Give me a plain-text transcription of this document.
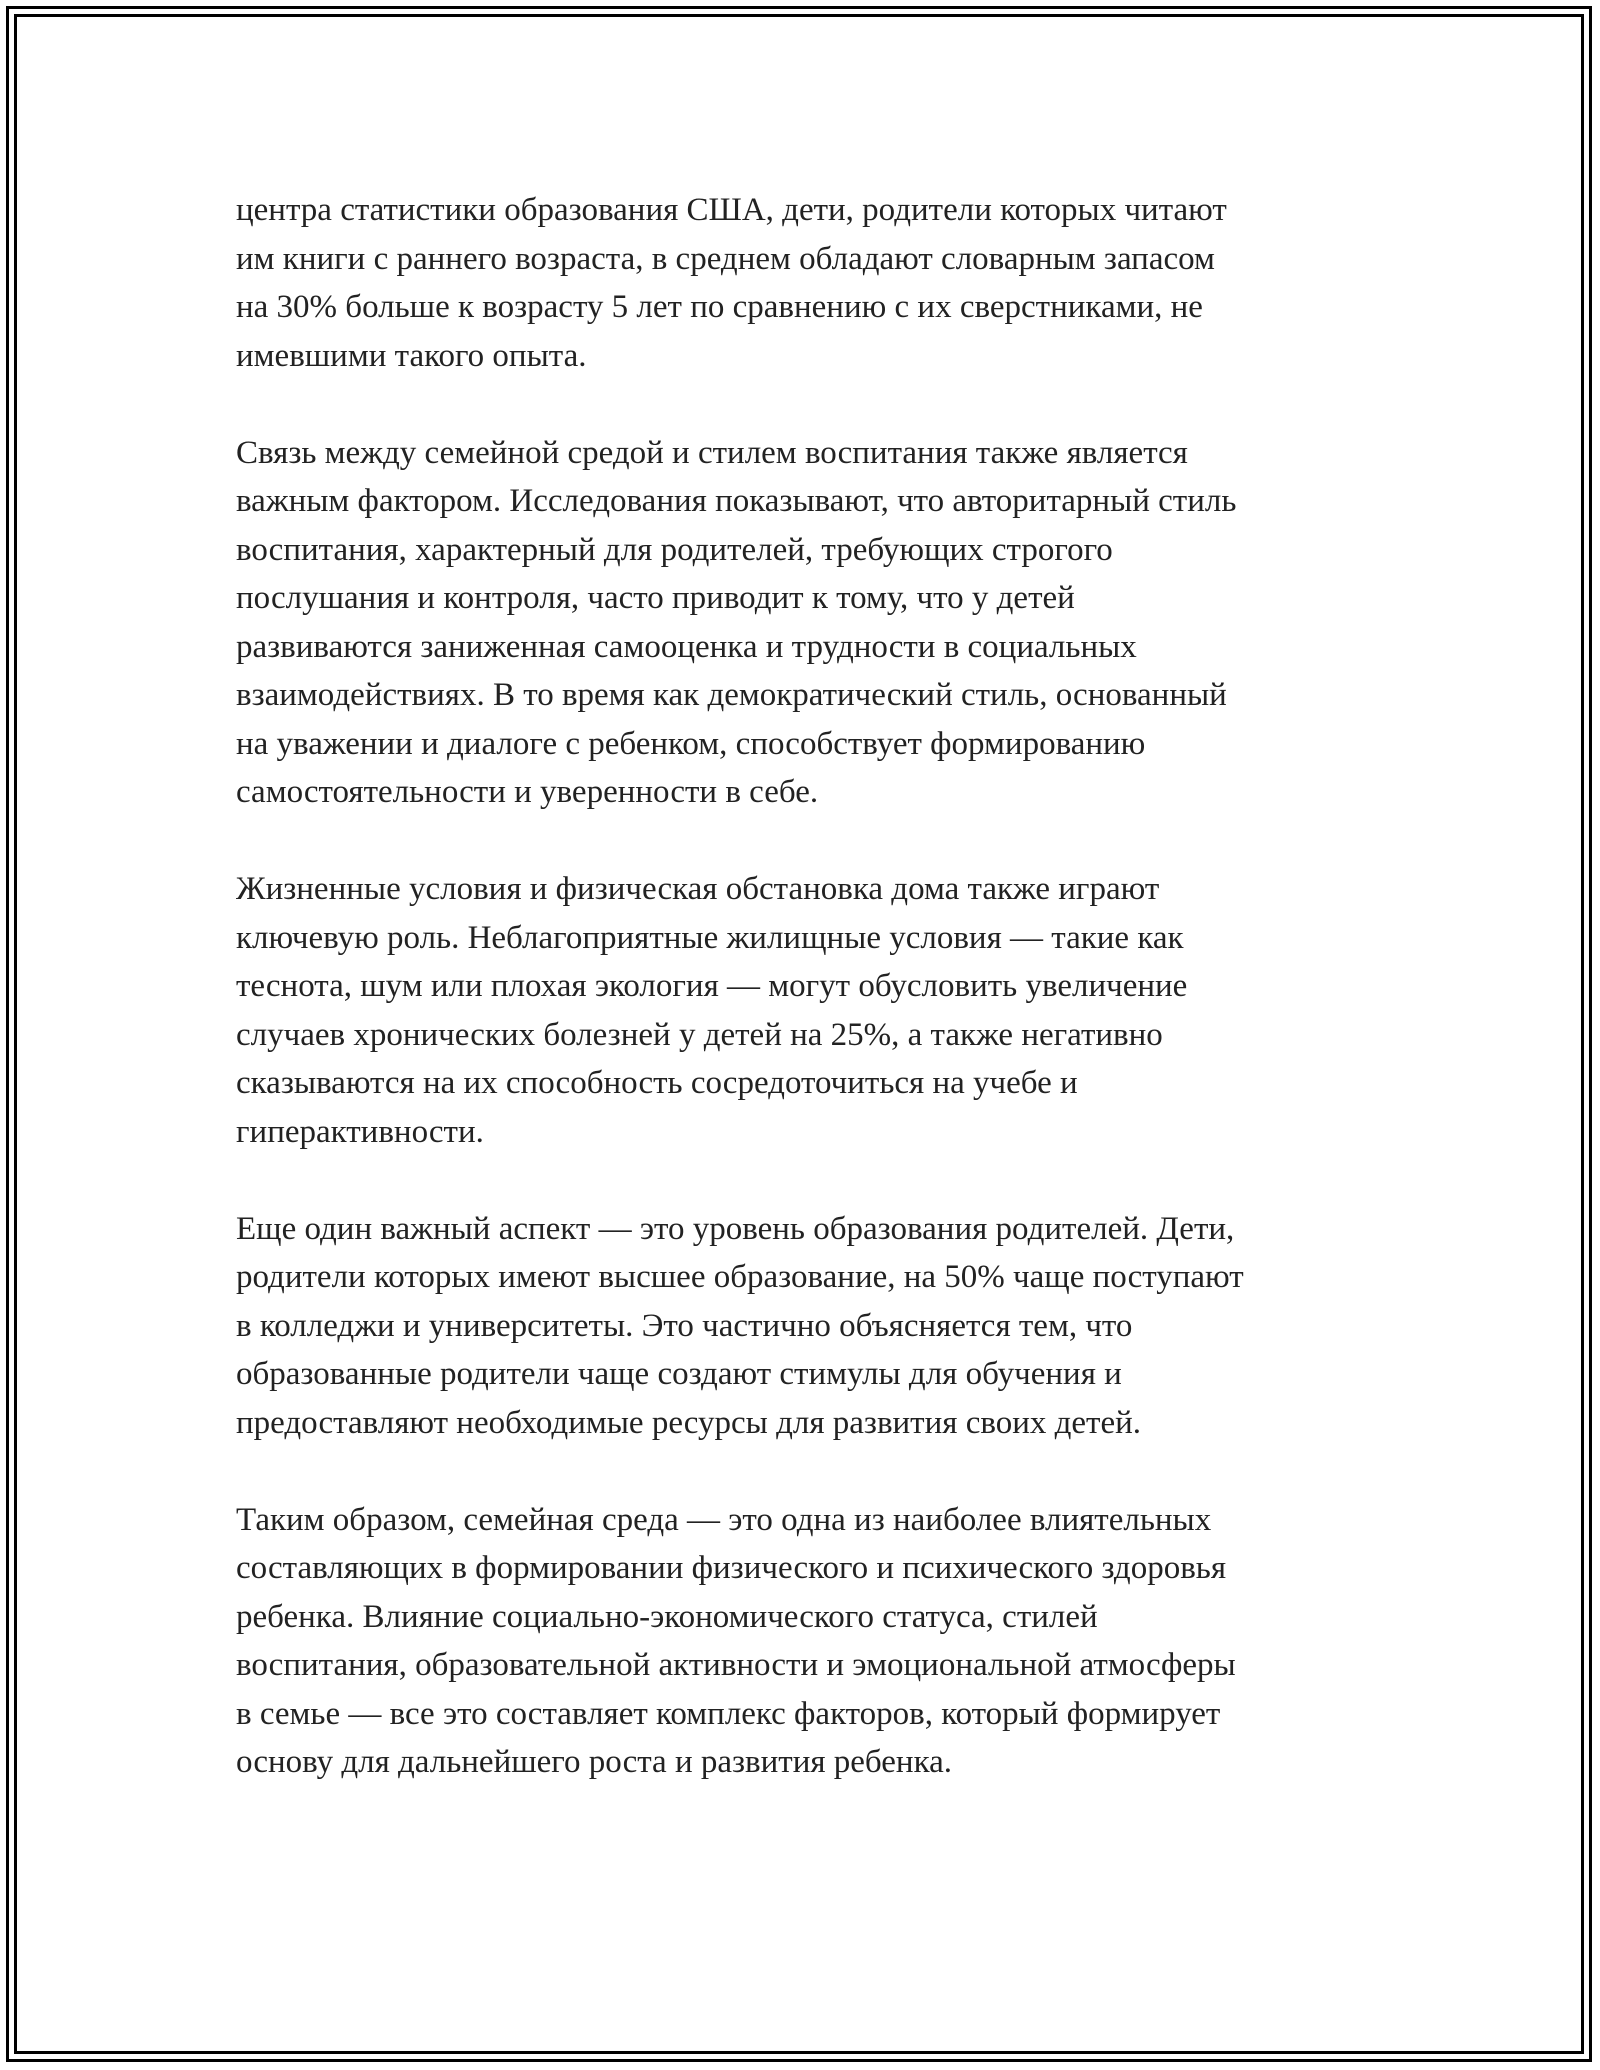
центра статистики образования США, дети, родители которых читают
им книги с раннего возраста, в среднем обладают словарным запасом
на 30% больше к возрасту 5 лет по сравнению с их сверстниками, не
имевшими такого опыта.

Связь между семейной средой и стилем воспитания также является
важным фактором. Исследования показывают, что авторитарный стиль
воспитания, характерный для родителей, требующих строгого
послушания и контроля, часто приводит к тому, что у детей
развиваются заниженная самооценка и трудности в социальных
взаимодействиях. В то время как демократический стиль, основанный
на уважении и диалоге с ребенком, способствует формированию
самостоятельности и уверенности в себе.

Жизненные условия и физическая обстановка дома также играют
ключевую роль. Неблагоприятные жилищные условия — такие как
теснота, шум или плохая экология — могут обусловить увеличение
случаев хронических болезней у детей на 25%, а также негативно
сказываются на их способность сосредоточиться на учебе и
гиперактивности.

Еще один важный аспект — это уровень образования родителей. Дети,
родители которых имеют высшее образование, на 50% чаще поступают
в колледжи и университеты. Это частично объясняется тем, что
образованные родители чаще создают стимулы для обучения и
предоставляют необходимые ресурсы для развития своих детей.

Таким образом, семейная среда — это одна из наиболее влиятельных
составляющих в формировании физического и психического здоровья
ребенка. Влияние социально-экономического статуса, стилей
воспитания, образовательной активности и эмоциональной атмосферы
в семье — все это составляет комплекс факторов, который формирует
основу для дальнейшего роста и развития ребенка.
